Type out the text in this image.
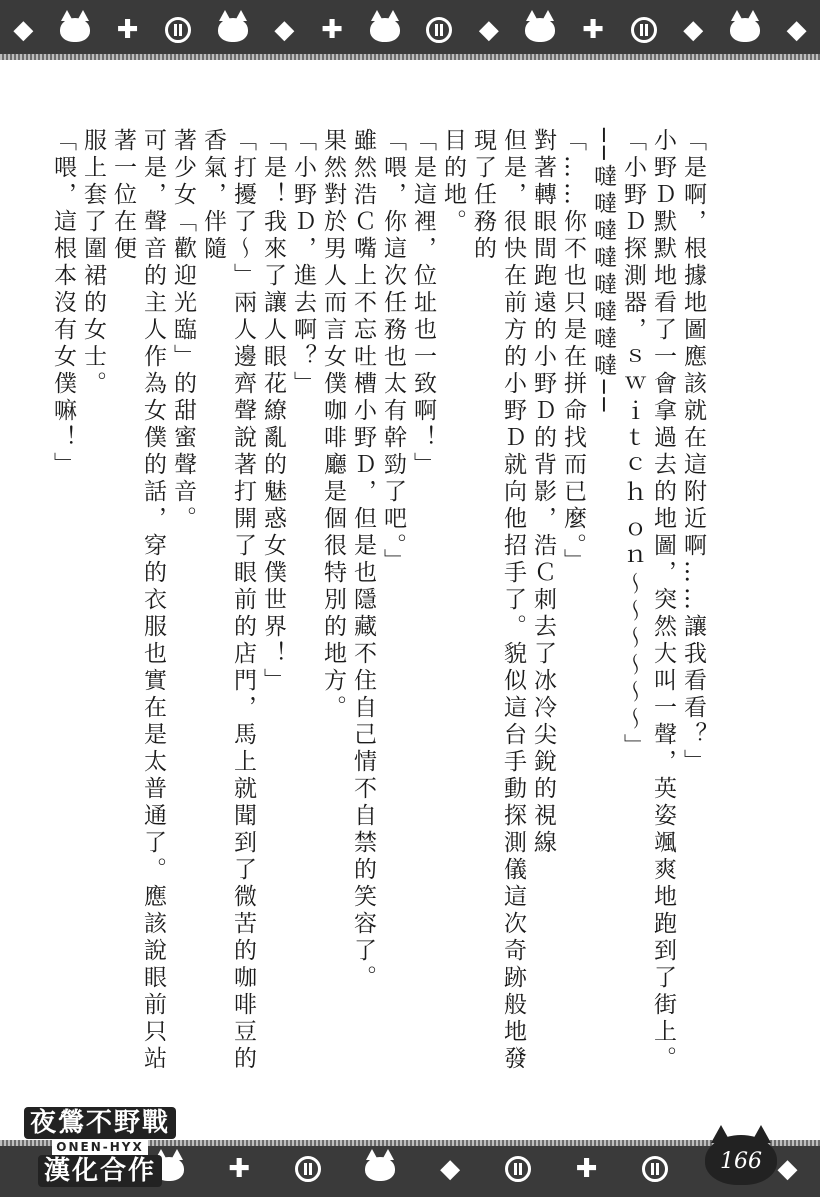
◆	✚	◆ ✚	◆	✚	◆	◆

「是啊，根據地圖應該就在這附近啊……讓我看看？」

小野Ｄ默默地看了一會拿過去的地圖，突然大叫一聲，英姿颯爽地跑到了街上。

「小野Ｄ探測器，ｓｗｉｔｃｈ ｏｎ～～～～～～」

──噠噠噠噠噠噠噠噠──

「……你不也只是在拼命找而已麼。」

對著轉眼間跑遠的小野Ｄ的背影，浩Ｃ刺去了冰冷尖銳的視線

但是，很快在前方的小野Ｄ就向他招手了。貌似這台手動探測儀這次奇跡般地發現了任務的

目的地。

「是這裡，位址也一致啊！」

「喂，你這次任務也太有幹勁了吧。」

雖然浩Ｃ嘴上不忘吐槽小野Ｄ，但是也隱藏不住自己情不自禁的笑容了。

果然對於男人而言女僕咖啡廳是個很特別的地方。

「小野Ｄ，進去啊？」

「是！我來了讓人眼花繚亂的魅惑女僕世界！」

「打擾了～」兩人邊齊聲說著打開了眼前的店門，馬上就聞到了微苦的咖啡豆的香氣，伴隨

著少女「歡迎光臨」的甜蜜聲音。

可是，聲音的主人作為女僕的話，穿的衣服也實在是太普通了。應該說眼前只站著一位在便

服上套了圍裙的女士。

「喂，這根本沒有女僕嘛！」

✚	◆	✚	◆
夜鶯不野戰
ONEN-HYX
漢化合作	166
